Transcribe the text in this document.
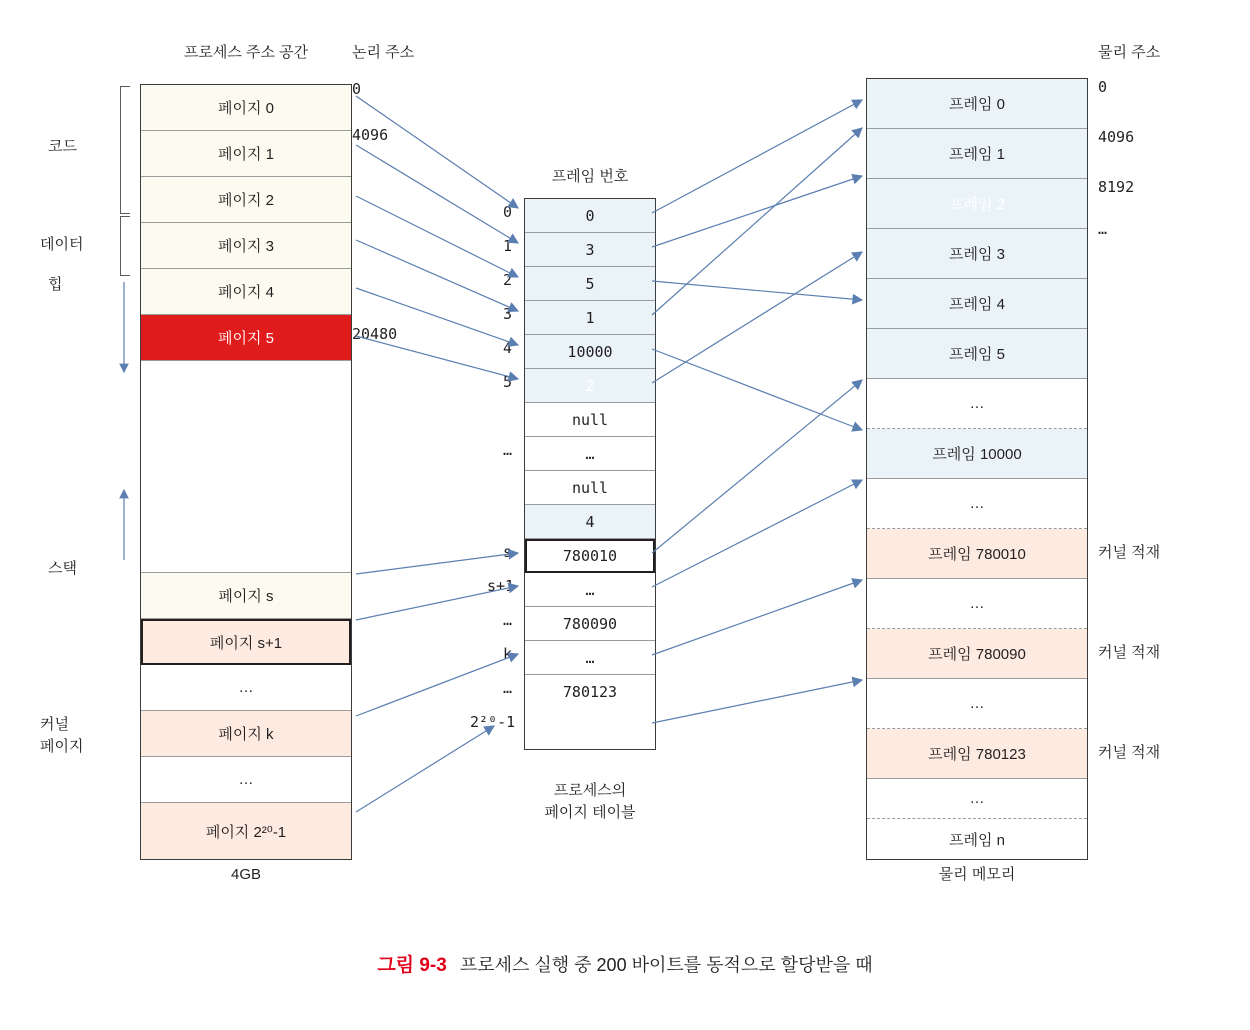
프로세스 주소 공간	논리 주소
프레임 번호
물리 주소
코드
데이터
힙
스택
커널
페이지
0
4096
20480
0
4096
8192
…
페이지 0
페이지 1
페이지 2
페이지 3
페이지 4
페이지 5
페이지 s
페이지 s+1
…
페이지 k
…
페이지 2²⁰-1
4GB
0
3
5
1
10000
2
null
…
null
4
780010
…
780090
…
780123
0
1
2
3
4
5
…
s
s+1
…
k
…
2²⁰-1
프로세스의
페이지 테이블
프레임 0
프레임 1
프레임 2
프레임 3
프레임 4
프레임 5
…
프레임 10000
…
프레임 780010
…
프레임 780090
…
프레임 780123
…
프레임 n
물리 메모리
커널 적재
커널 적재
커널 적재
그림 9-3 프로세스 실행 중 200 바이트를 동적으로 할당받을 때
